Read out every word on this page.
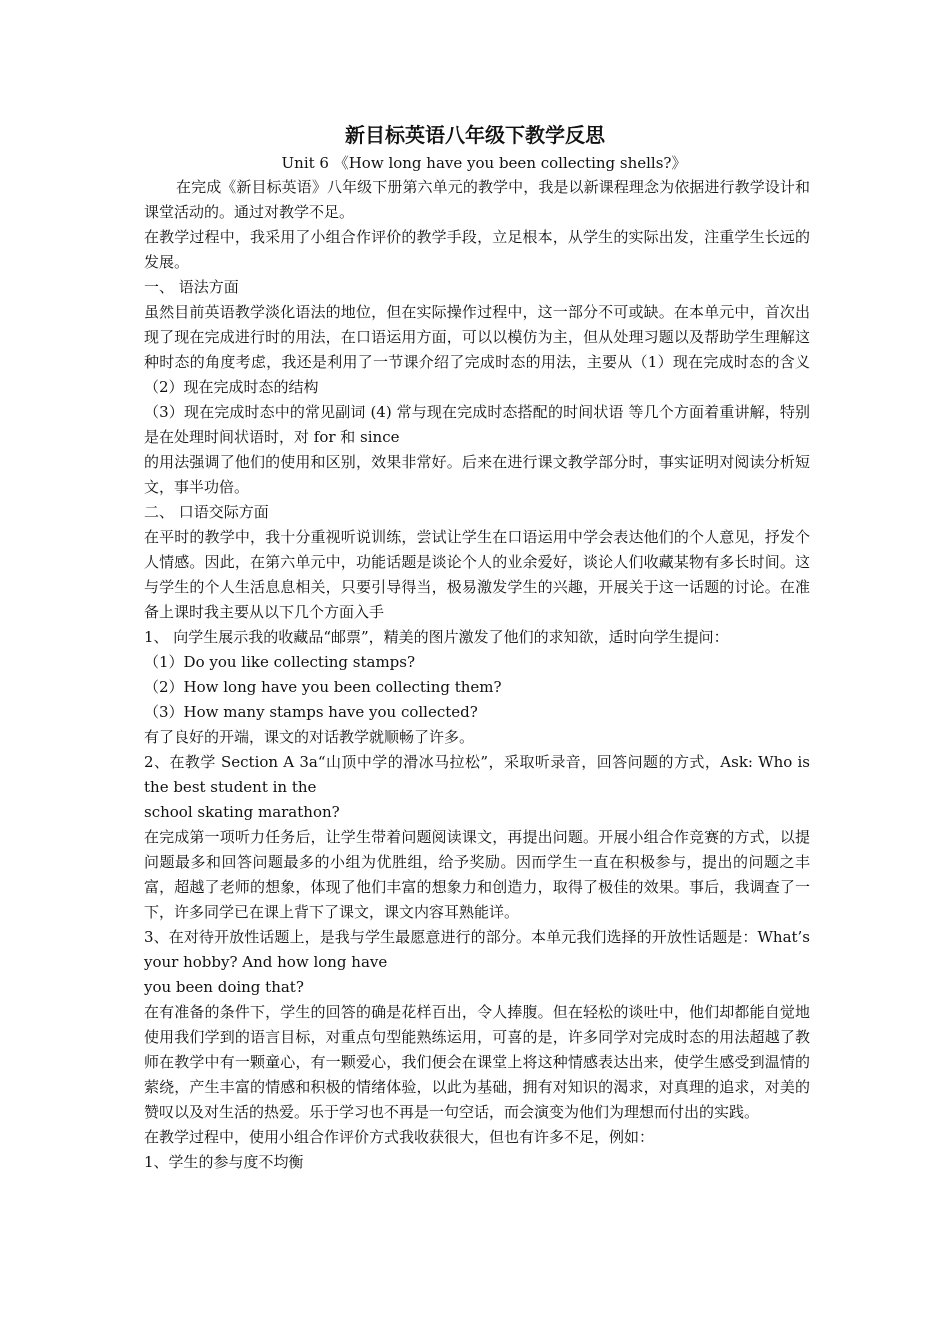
新目标英语八年级下教学反思
Unit 6 《How long have you been collecting shells?》

在完成《新目标英语》八年级下册第六单元的教学中，我是以新课程理念为依据进行教学设计和课堂活动的。通过对教学不足。

在教学过程中，我采用了小组合作评价的教学手段，立足根本，从学生的实际出发，注重学生长远的发展。

一、 语法方面

虽然目前英语教学淡化语法的地位，但在实际操作过程中，这一部分不可或缺。在本单元中，首次出现了现在完成进行时的用法，在口语运用方面，可以以模仿为主，但从处理习题以及帮助学生理解这种时态的角度考虑，我还是利用了一节课介绍了完成时态的用法，主要从（1）现在完成时态的含义（2）现在完成时态的结构

（3）现在完成时态中的常见副词 (4) 常与现在完成时态搭配的时间状语 等几个方面着重讲解，特别是在处理时间状语时，对 for 和 since

的用法强调了他们的使用和区别，效果非常好。后来在进行课文教学部分时，事实证明对阅读分析短文，事半功倍。

二、 口语交际方面

在平时的教学中，我十分重视听说训练，尝试让学生在口语运用中学会表达他们的个人意见，抒发个人情感。因此，在第六单元中，功能话题是谈论个人的业余爱好，谈论人们收藏某物有多长时间。这与学生的个人生活息息相关，只要引导得当，极易激发学生的兴趣，开展关于这一话题的讨论。在准备上课时我主要从以下几个方面入手

1、 向学生展示我的收藏品“邮票”，精美的图片激发了他们的求知欲，适时向学生提问：

（1）Do you like collecting stamps?

（2）How long have you been collecting them?

（3）How many stamps have you collected?

有了良好的开端，课文的对话教学就顺畅了许多。

2、在教学 Section A 3a“山顶中学的滑冰马拉松”，采取听录音，回答问题的方式，Ask: Who is the best student in the

school skating marathon?

在完成第一项听力任务后，让学生带着问题阅读课文，再提出问题。开展小组合作竞赛的方式，以提问题最多和回答问题最多的小组为优胜组，给予奖励。因而学生一直在积极参与，提出的问题之丰富，超越了老师的想象，体现了他们丰富的想象力和创造力，取得了极佳的效果。事后，我调查了一下，许多同学已在课上背下了课文，课文内容耳熟能详。

3、在对待开放性话题上，是我与学生最愿意进行的部分。本单元我们选择的开放性话题是：What’s your hobby? And how long have

you been doing that?

在有准备的条件下，学生的回答的确是花样百出，令人捧腹。但在轻松的谈吐中，他们却都能自觉地使用我们学到的语言目标，对重点句型能熟练运用，可喜的是，许多同学对完成时态的用法超越了教师在教学中有一颗童心，有一颗爱心，我们便会在课堂上将这种情感表达出来，使学生感受到温情的萦绕，产生丰富的情感和积极的情绪体验，以此为基础，拥有对知识的渴求，对真理的追求，对美的赞叹以及对生活的热爱。乐于学习也不再是一句空话，而会演变为他们为理想而付出的实践。

在教学过程中，使用小组合作评价方式我收获很大，但也有许多不足，例如：

1、学生的参与度不均衡
